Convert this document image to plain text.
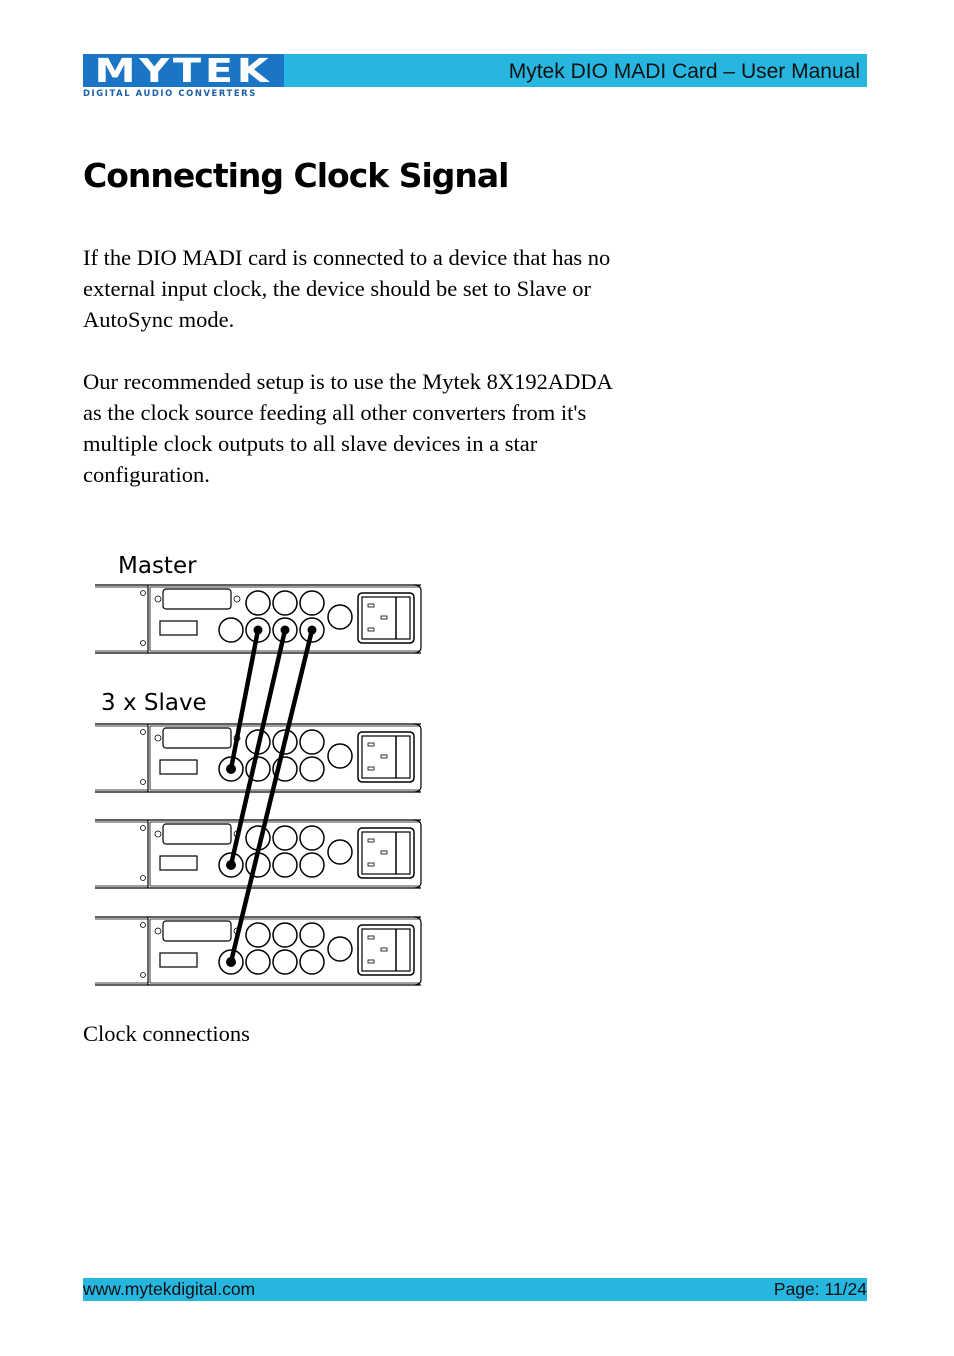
Mytek DIO MADI Card – User Manual
MYTEK
DIGITAL AUDIO CONVERTERS
Connecting Clock Signal

If the DIO MADI card is connected to a device that has no external input clock, the device should be set to Slave or AutoSync mode.

Our recommended setup is to use the Mytek 8X192ADDA as the clock source feeding all other converters from it's multiple clock outputs to all slave devices in a star configuration.

Master
3 x Slave

Clock connections

www.mytekdigital.com	Page: 11/24
